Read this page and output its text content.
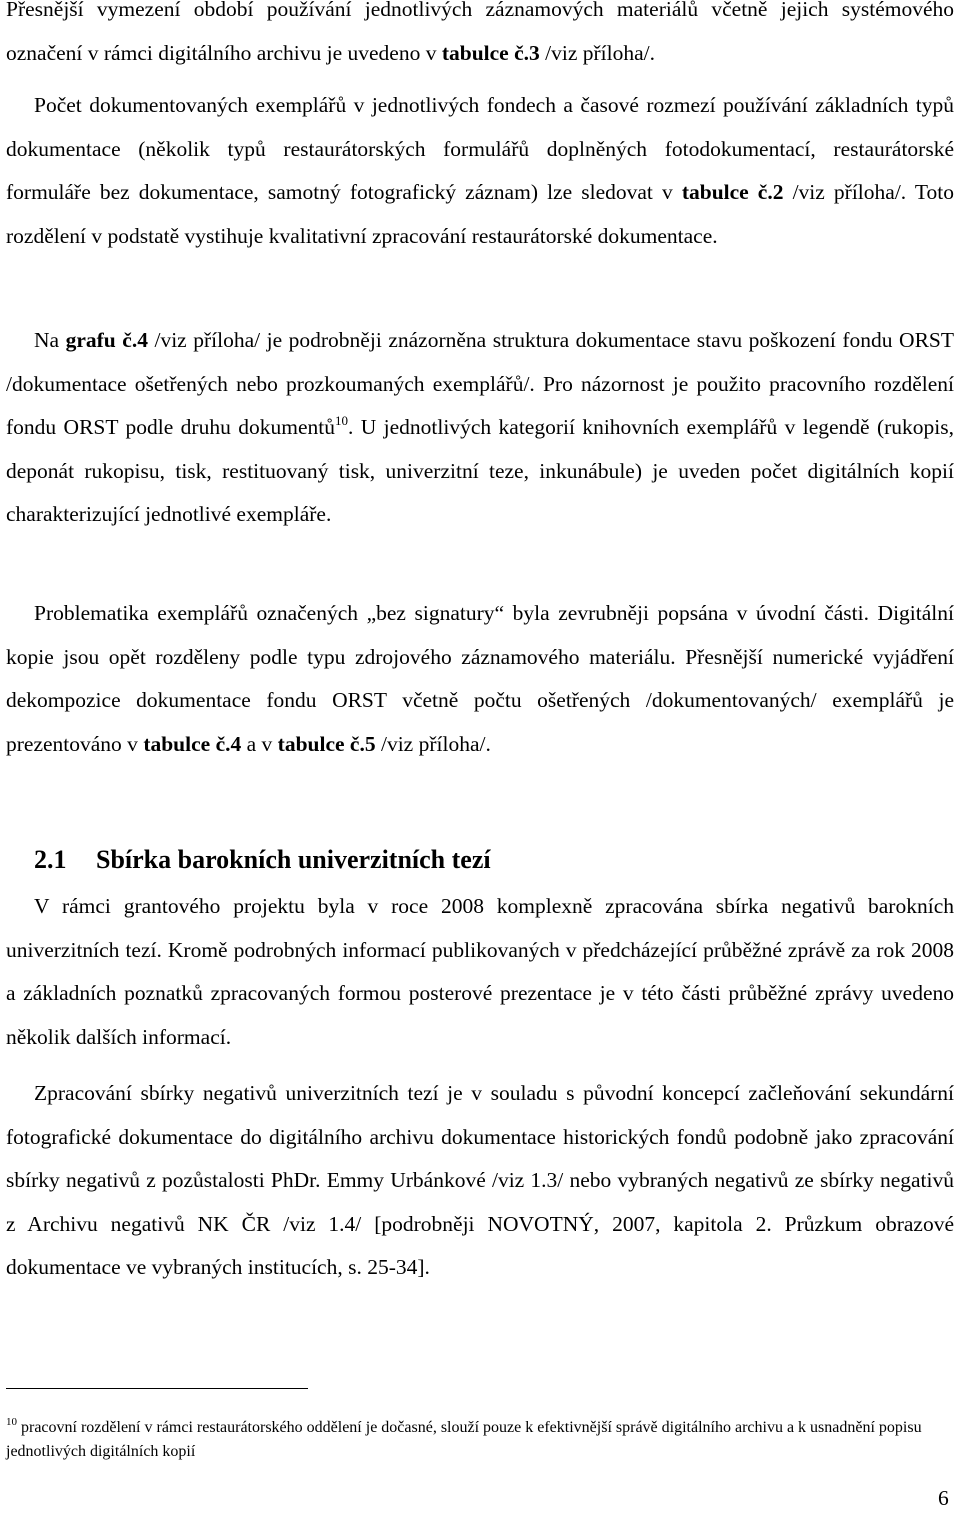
Přesnější vymezení období používání jednotlivých záznamových materiálů včetně jejich systémového označení v rámci digitálního archivu je uvedeno v tabulce č.3 /viz příloha/.

Počet dokumentovaných exemplářů v jednotlivých fondech a časové rozmezí používání základních typů dokumentace (několik typů restaurátorských formulářů doplněných fotodokumentací, restaurátorské formuláře bez dokumentace, samotný fotografický záznam) lze sledovat v tabulce č.2 /viz příloha/. Toto rozdělení v podstatě vystihuje kvalitativní zpracování restaurátorské dokumentace.

Na grafu č.4 /viz příloha/ je podrobněji znázorněna struktura dokumentace stavu poškození fondu ORST /dokumentace ošetřených nebo prozkoumaných exemplářů/. Pro názornost je použito pracovního rozdělení fondu ORST podle druhu dokumentů$^{10}$. U jednotlivých kategorií knihovních exemplářů v legendě (rukopis, deponát rukopisu, tisk, restituovaný tisk, univerzitní teze, inkunábule) je uveden počet digitálních kopií charakterizující jednotlivé exempláře.

Problematika exemplářů označených „bez signatury“ byla zevrubněji popsána v úvodní části. Digitální kopie jsou opět rozděleny podle typu zdrojového záznamového materiálu. Přesnější numerické vyjádření dekompozice dokumentace fondu ORST včetně počtu ošetřených /dokumentovaných/ exemplářů je prezentováno v tabulce č.4 a v tabulce č.5 /viz příloha/.

2.1 Sbírka barokních univerzitních tezí

V rámci grantového projektu byla v roce 2008 komplexně zpracována sbírka negativů barokních univerzitních tezí. Kromě podrobných informací publikovaných v předcházející průběžné zprávě za rok 2008 a základních poznatků zpracovaných formou posterové prezentace je v této části průběžné zprávy uvedeno několik dalších informací.

Zpracování sbírky negativů univerzitních tezí je v souladu s původní koncepcí začleňování sekundární fotografické dokumentace do digitálního archivu dokumentace historických fondů podobně jako zpracování sbírky negativů z pozůstalosti PhDr. Emmy Urbánkové /viz 1.3/ nebo vybraných negativů ze sbírky negativů z Archivu negativů NK ČR /viz 1.4/ [podrobněji NOVOTNÝ, 2007, kapitola 2. Průzkum obrazové dokumentace ve vybraných institucích, s. 25-34].

$^{10}$ pracovní rozdělení v rámci restaurátorského oddělení je dočasné, slouží pouze k efektivnější správě digitálního archivu a k usnadnění popisu jednotlivých digitálních kopií

6
